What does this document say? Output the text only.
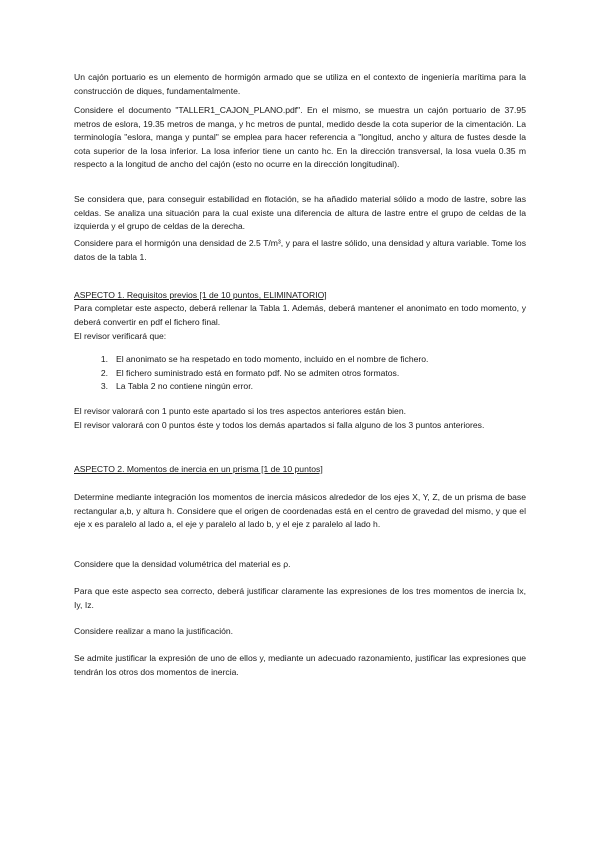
Un cajón portuario es un elemento de hormigón armado que se utiliza en el contexto de ingeniería marítima para la construcción de diques, fundamentalmente.

Considere el documento "TALLER1_CAJON_PLANO.pdf". En el mismo, se muestra un cajón portuario de 37.95 metros de eslora, 19.35 metros de manga, y hc metros de puntal, medido desde la cota superior de la cimentación. La terminología "eslora, manga y puntal" se emplea para hacer referencia a "longitud, ancho y altura de fustes desde la cota superior de la losa inferior. La losa inferior tiene un canto hc. En la dirección transversal, la losa vuela 0.35 m respecto a la longitud de ancho del cajón (esto no ocurre en la dirección longitudinal).

Se considera que, para conseguir estabilidad en flotación, se ha añadido material sólido a modo de lastre, sobre las celdas. Se analiza una situación para la cual existe una diferencia de altura de lastre entre el grupo de celdas de la izquierda y el grupo de celdas de la derecha.

Considere para el hormigón una densidad de 2.5 T/m³, y para el lastre sólido, una densidad y altura variable. Tome los datos de la tabla 1.

ASPECTO 1. Requisitos previos [1 de 10 puntos, ELIMINATORIO]

Para completar este aspecto, deberá rellenar la Tabla 1. Además, deberá mantener el anonimato en todo momento, y deberá convertir en pdf el fichero final.

El revisor verificará que:

1. El anonimato se ha respetado en todo momento, incluido en el nombre de fichero.
2. El fichero suministrado está en formato pdf. No se admiten otros formatos.
3. La Tabla 2 no contiene ningún error.

El revisor valorará con 1 punto este apartado si los tres aspectos anteriores están bien.

El revisor valorará con 0 puntos éste y todos los demás apartados si falla alguno de los 3 puntos anteriores.

ASPECTO 2. Momentos de inercia en un prisma [1 de 10 puntos]

Determine mediante integración los momentos de inercia másicos alrededor de los ejes X, Y, Z, de un prisma de base rectangular a,b, y altura h. Considere que el origen de coordenadas está en el centro de gravedad del mismo, y que el eje x es paralelo al lado a, el eje y paralelo al lado b, y el eje z paralelo al lado h.

Considere que la densidad volumétrica del material es ρ.

Para que este aspecto sea correcto, deberá justificar claramente las expresiones de los tres momentos de inercia Ix, Iy, Iz.

Considere realizar a mano la justificación.

Se admite justificar la expresión de uno de ellos y, mediante un adecuado razonamiento, justificar las expresiones que tendrán los otros dos momentos de inercia.
